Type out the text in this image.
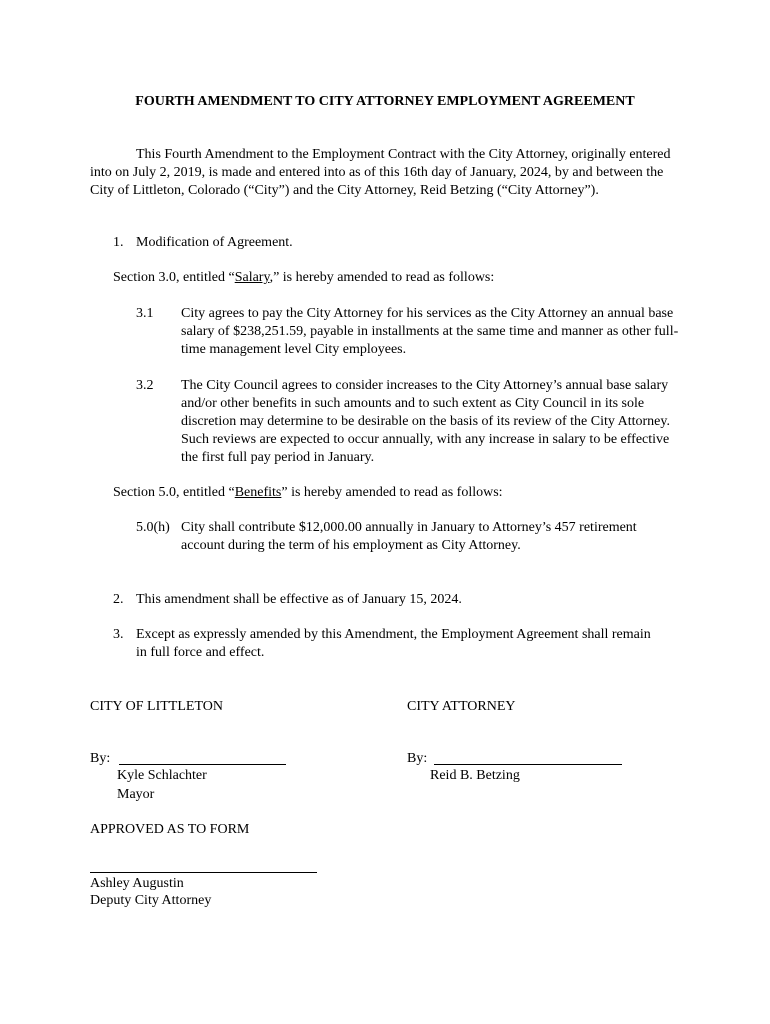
FOURTH AMENDMENT TO CITY ATTORNEY EMPLOYMENT AGREEMENT
This Fourth Amendment to the Employment Contract with the City Attorney, originally entered into on July 2, 2019, is made and entered into as of this 16th day of January, 2024, by and between the City of Littleton, Colorado (“City”) and the City Attorney, Reid Betzing (“City Attorney”).
1. Modification of Agreement.
Section 3.0, entitled “Salary,” is hereby amended to read as follows:
3.1 City agrees to pay the City Attorney for his services as the City Attorney an annual base salary of $238,251.59, payable in installments at the same time and manner as other full-time management level City employees.
3.2 The City Council agrees to consider increases to the City Attorney’s annual base salary and/or other benefits in such amounts and to such extent as City Council in its sole discretion may determine to be desirable on the basis of its review of the City Attorney. Such reviews are expected to occur annually, with any increase in salary to be effective the first full pay period in January.
Section 5.0, entitled “Benefits” is hereby amended to read as follows:
5.0(h) City shall contribute $12,000.00 annually in January to Attorney’s 457 retirement account during the term of his employment as City Attorney.
2. This amendment shall be effective as of January 15, 2024.
3. Except as expressly amended by this Amendment, the Employment Agreement shall remain in full force and effect.
CITY OF LITTLETON	CITY ATTORNEY
By:
Kyle Schlachter
Mayor
By:
Reid B. Betzing
APPROVED AS TO FORM
Ashley Augustin
Deputy City Attorney
